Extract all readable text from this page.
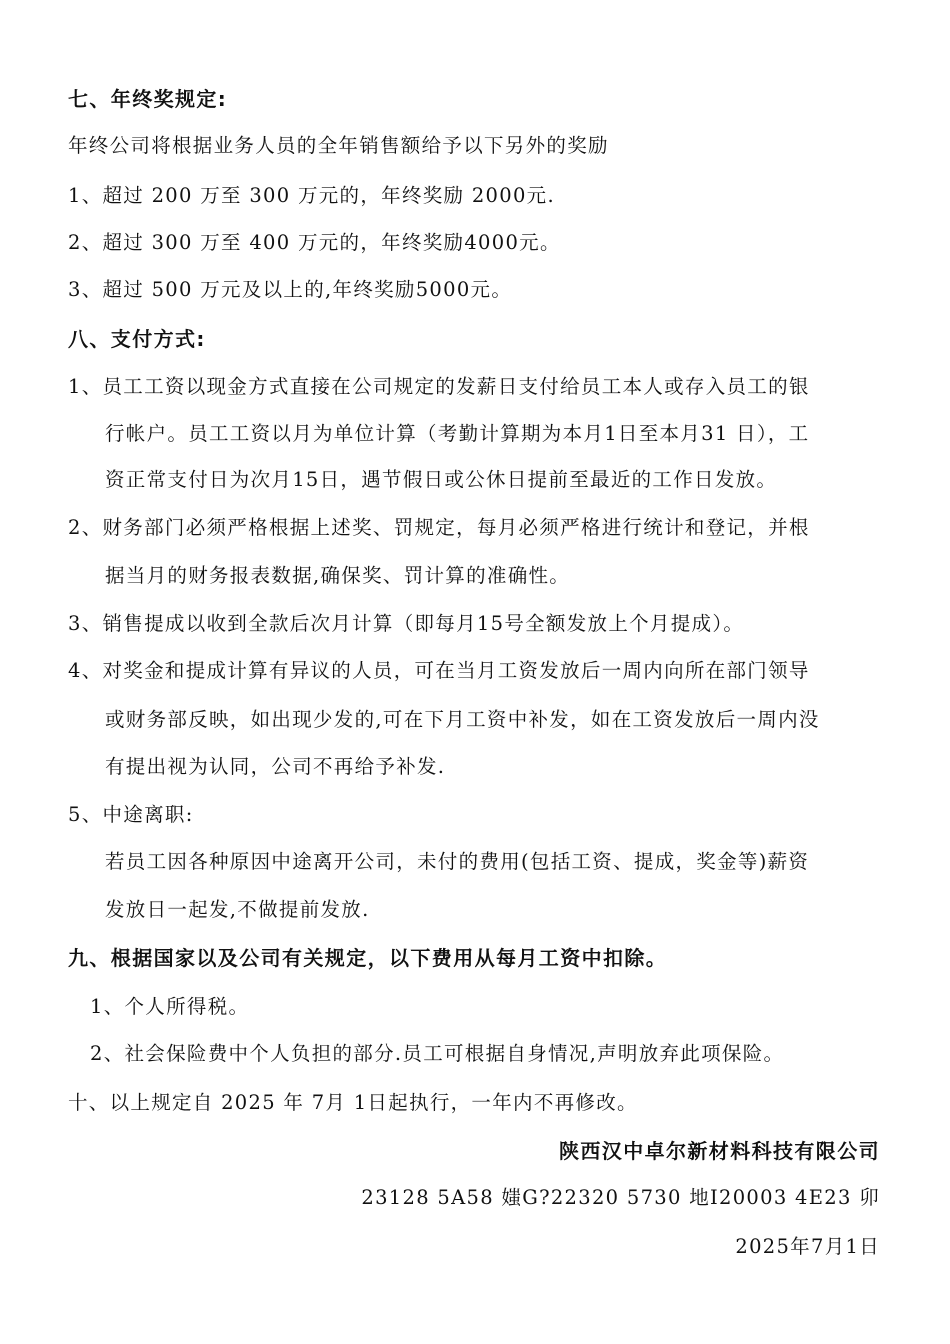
七、年终奖规定:
年终公司将根据业务人员的全年销售额给予以下另外的奖励
1、超过 200 万至 300 万元的，年终奖励 2000元.
2、超过 300 万至 400 万元的，年终奖励4000元。
3、超过 500 万元及以上的,年终奖励5000元。
八、支付方式:
1、员工工资以现金方式直接在公司规定的发薪日支付给员工本人或存入员工的银
行帐户。员工工资以月为单位计算（考勤计算期为本月1日至本月31 日），工
资正常支付日为次月15日，遇节假日或公休日提前至最近的工作日发放。
2、财务部门必须严格根据上述奖、罚规定，每月必须严格进行统计和登记，并根
据当月的财务报表数据,确保奖、罚计算的准确性。
3、销售提成以收到全款后次月计算（即每月15号全额发放上个月提成）。
4、对奖金和提成计算有异议的人员，可在当月工资发放后一周内向所在部门领导
或财务部反映，如出现少发的,可在下月工资中补发，如在工资发放后一周内没
有提出视为认同，公司不再给予补发.
5、中途离职:
若员工因各种原因中途离开公司，未付的费用(包括工资、提成，奖金等)薪资
发放日一起发,不做提前发放.
九、根据国家以及公司有关规定，以下费用从每月工资中扣除。
1、个人所得税。
2、社会保险费中个人负担的部分.员工可根据自身情况,声明放弃此项保险。
十、以上规定自 2025 年 7月 1日起执行，一年内不再修改。
陕西汉中卓尔新材料科技有限公司
23128 5A58 媸G?22320 5730 地I20003 4E23 卯
2025年7月1日
